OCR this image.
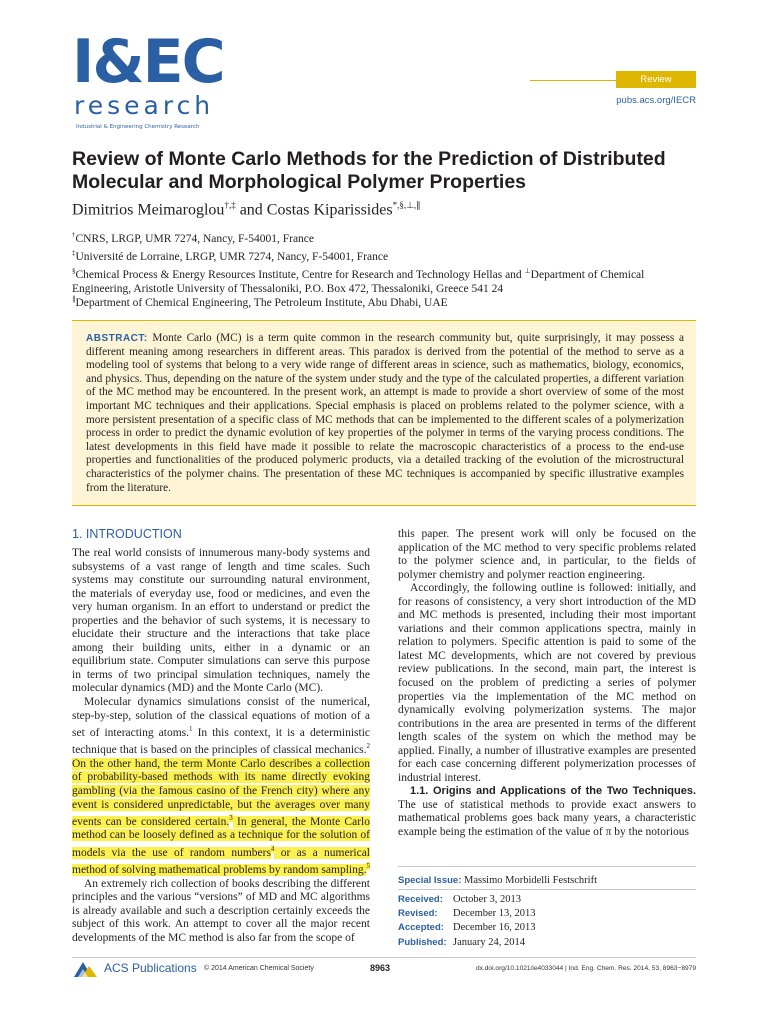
I&EC
research
Industrial & Engineering Chemistry Research
Review
pubs.acs.org/IECR
Review of Monte Carlo Methods for the Prediction of Distributed Molecular and Morphological Polymer Properties
Dimitrios Meimaroglou†,‡ and Costas Kiparissides*,§,⊥,∥
†CNRS, LRGP, UMR 7274, Nancy, F-54001, France
‡Université de Lorraine, LRGP, UMR 7274, Nancy, F-54001, France
§Chemical Process & Energy Resources Institute, Centre for Research and Technology Hellas and ⊥Department of Chemical Engineering, Aristotle University of Thessaloniki, P.O. Box 472, Thessaloniki, Greece 541 24
∥Department of Chemical Engineering, The Petroleum Institute, Abu Dhabi, UAE
ABSTRACT: Monte Carlo (MC) is a term quite common in the research community but, quite surprisingly, it may possess a different meaning among researchers in different areas. This paradox is derived from the potential of the method to serve as a modeling tool of systems that belong to a very wide range of different areas in science, such as mathematics, biology, economics, and physics. Thus, depending on the nature of the system under study and the type of the calculated properties, a different variation of the MC method may be encountered. In the present work, an attempt is made to provide a short overview of some of the most important MC techniques and their applications. Special emphasis is placed on problems related to the polymer science, with a more persistent presentation of a specific class of MC methods that can be implemented to the different scales of a polymerization process in order to predict the dynamic evolution of key properties of the polymer in terms of the varying process conditions. The latest developments in this field have made it possible to relate the macroscopic characteristics of a process to the end-use properties and functionalities of the produced polymeric products, via a detailed tracking of the evolution of the microstructural characteristics of the polymer chains. The presentation of these MC techniques is accompanied by specific illustrative examples from the literature.
1. INTRODUCTION

The real world consists of innumerous many-body systems and subsystems of a vast range of length and time scales. Such systems may constitute our surrounding natural environment, the materials of everyday use, food or medicines, and even the very human organism. In an effort to understand or predict the properties and the behavior of such systems, it is necessary to elucidate their structure and the interactions that take place among their building units, either in a dynamic or an equilibrium state. Computer simulations can serve this purpose in terms of two principal simulation techniques, namely the molecular dynamics (MD) and the Monte Carlo (MC).

Molecular dynamics simulations consist of the numerical, step-by-step, solution of the classical equations of motion of a set of interacting atoms.$^1$ In this context, it is a deterministic technique that is based on the principles of classical mechanics.$^2$ On the other hand, the term Monte Carlo describes a collection of probability-based methods with its name directly evoking gambling (via the famous casino of the French city) where any event is considered unpredictable, but the averages over many events can be considered certain.$^3$ In general, the Monte Carlo method can be loosely defined as a technique for the solution of models via the use of random numbers$^4$ or as a numerical method of solving mathematical problems by random sampling.$^5$

An extremely rich collection of books describing the different principles and the various “versions” of MD and MC algorithms is already available and such a description certainly exceeds the subject of this work. An attempt to cover all the major recent developments of the MC method is also far from the scope of

this paper. The present work will only be focused on the application of the MC method to very specific problems related to the polymer science and, in particular, to the fields of polymer chemistry and polymer reaction engineering.

Accordingly, the following outline is followed: initially, and for reasons of consistency, a very short introduction of the MD and MC methods is presented, including their most important variations and their common applications spectra, mainly in relation to polymers. Specific attention is paid to some of the latest MC developments, which are not covered by previous review publications. In the second, main part, the interest is focused on the problem of predicting a series of polymer properties via the implementation of the MC method on dynamically evolving polymerization systems. The major contributions in the area are presented in terms of the different length scales of the system on which the method may be applied. Finally, a number of illustrative examples are presented for each case concerning different polymerization processes of industrial interest.

1.1. Origins and Applications of the Two Techniques. The use of statistical methods to provide exact answers to mathematical problems goes back many years, a characteristic example being the estimation of the value of π by the notorious

Special Issue: Massimo Morbidelli Festschrift
Received: October 3, 2013
Revised: December 13, 2013
Accepted: December 16, 2013
Published: January 24, 2014
ACS Publications © 2014 American Chemical Society	8963	dx.doi.org/10.1021/ie4033044 | Ind. Eng. Chem. Res. 2014, 53, 8963−8979
